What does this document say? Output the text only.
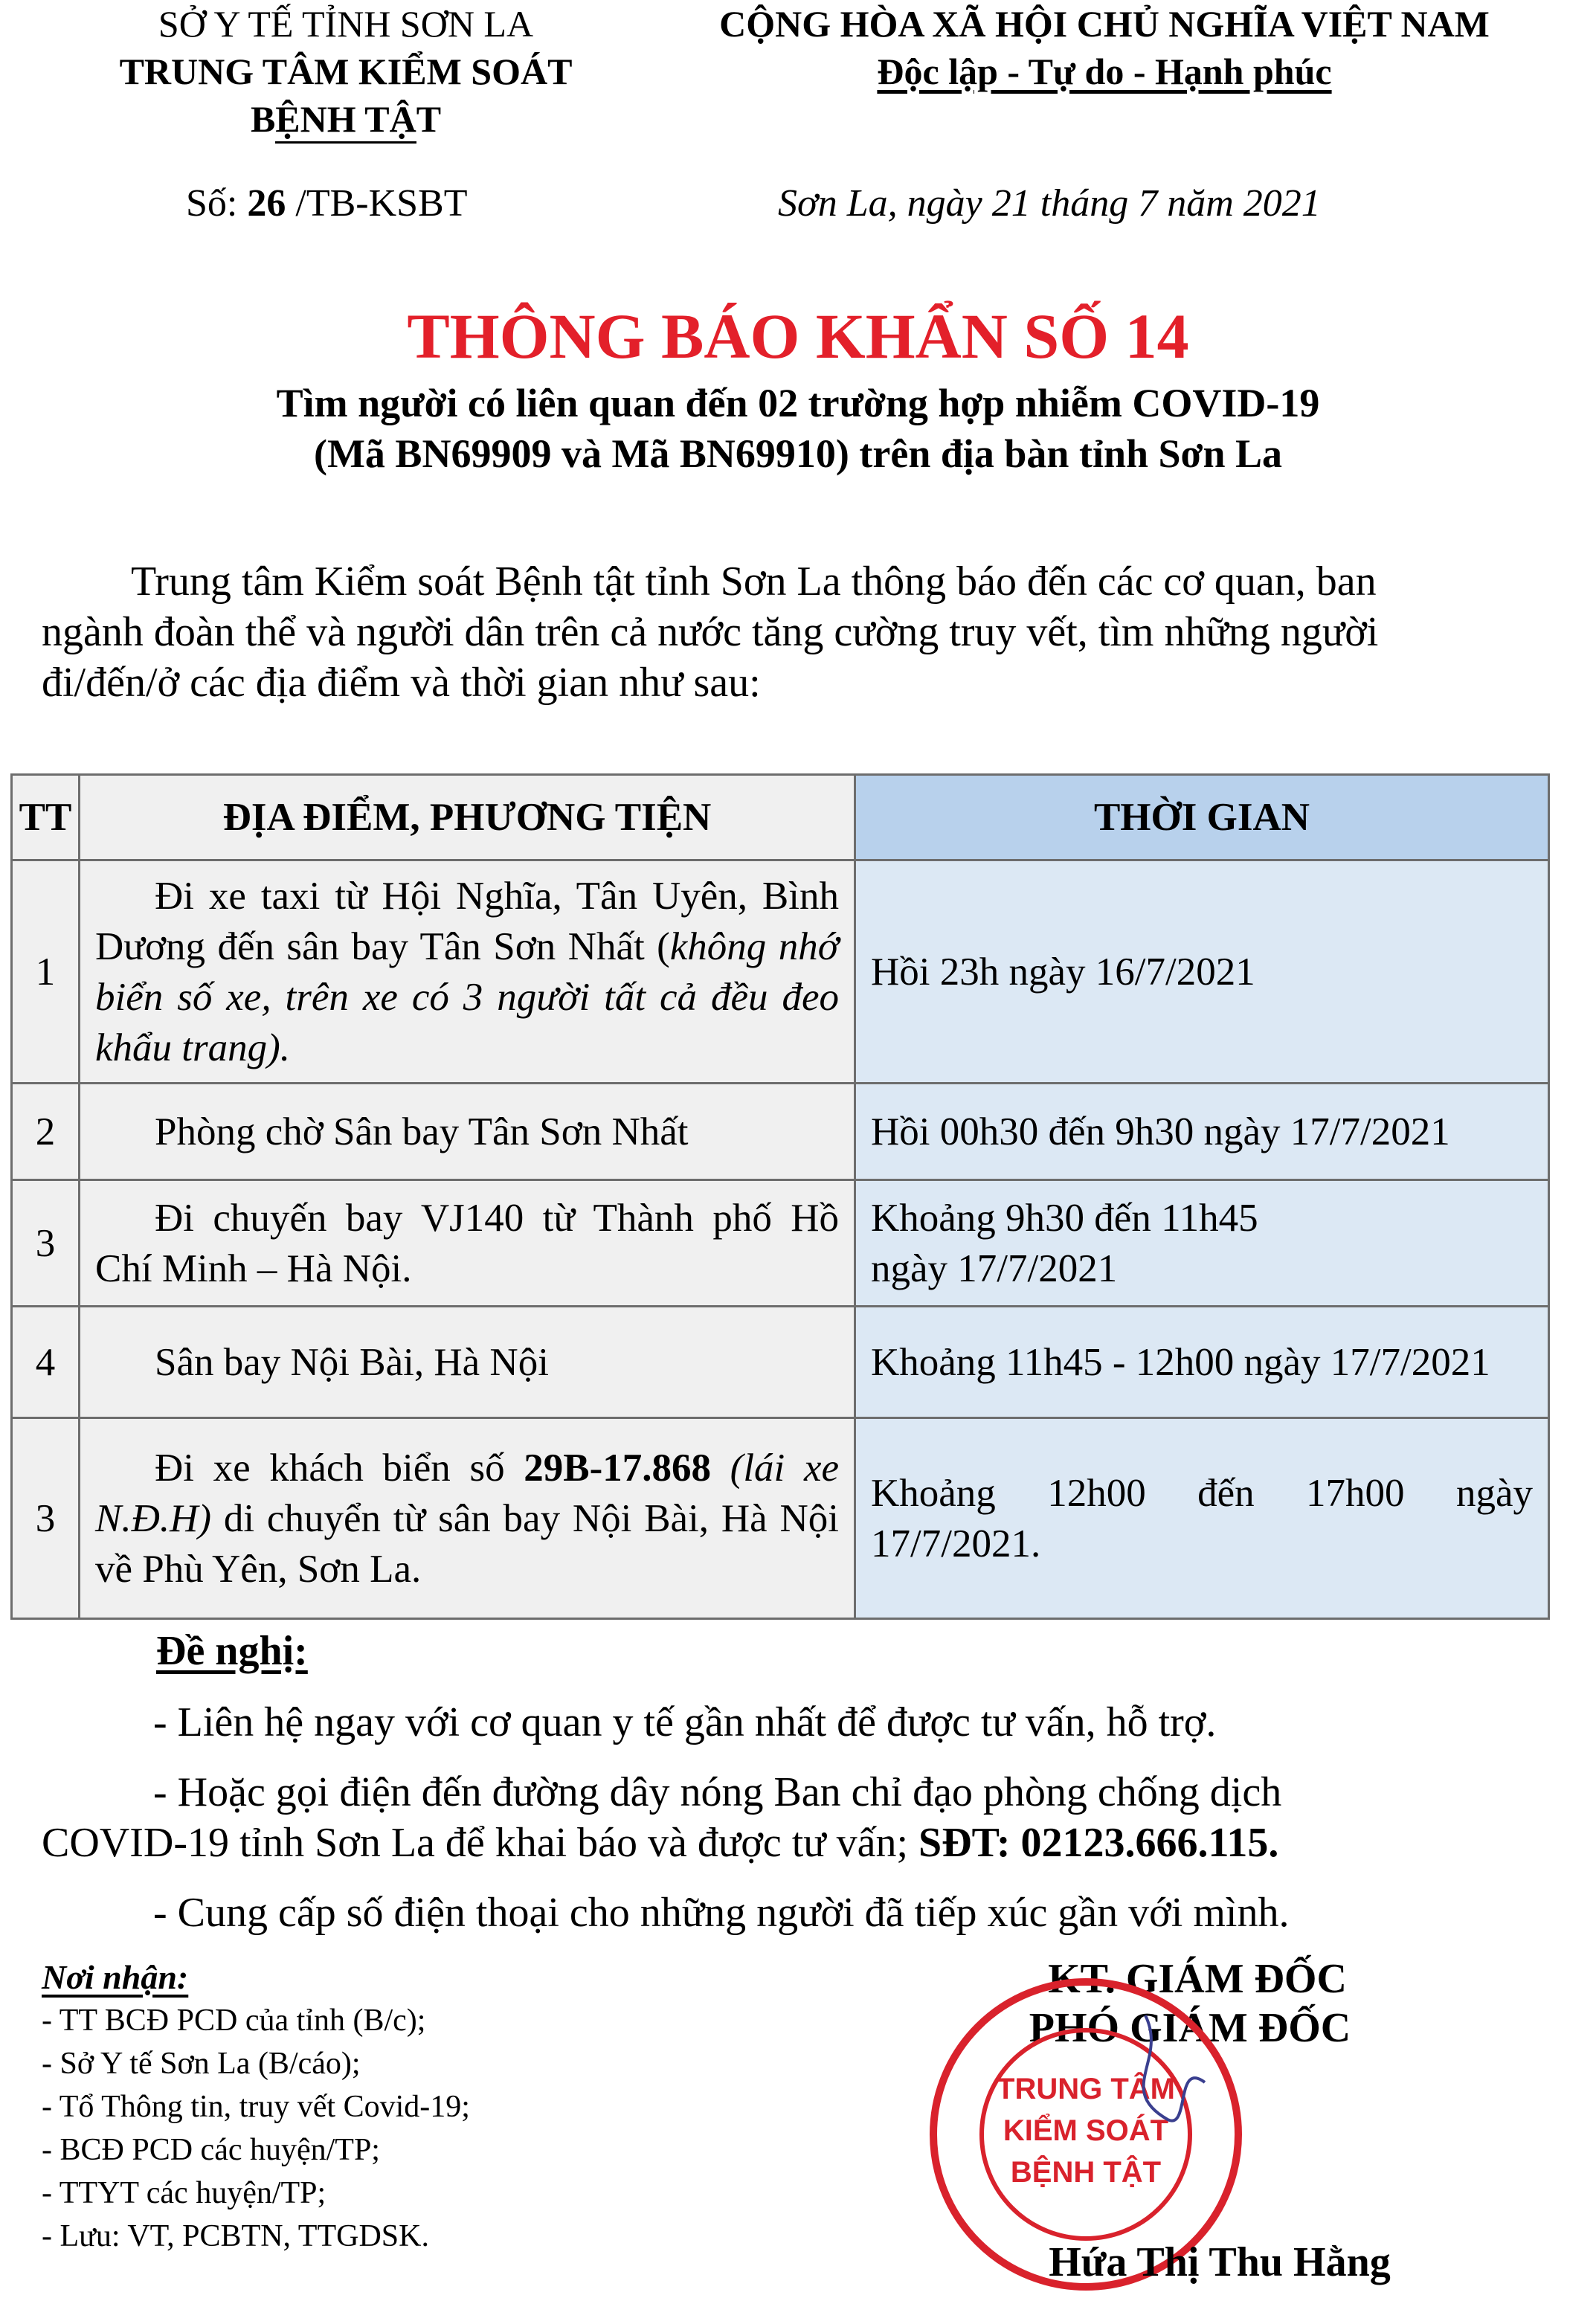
SỞ Y TẾ TỈNH SƠN LA
TRUNG TÂM KIỂM SOÁT
BỆNH TẬT
CỘNG HÒA XÃ HỘI CHỦ NGHĨA VIỆT NAM
Độc lập - Tự do - Hạnh phúc
Số: 26 /TB-KSBT	Sơn La, ngày 21 tháng 7 năm 2021
THÔNG BÁO KHẨN SỐ 14
Tìm người có liên quan đến 02 trường hợp nhiễm COVID-19
(Mã BN69909 và Mã BN69910) trên địa bàn tỉnh Sơn La
Trung tâm Kiểm soát Bệnh tật tỉnh Sơn La thông báo đến các cơ quan, ban
ngành đoàn thể và người dân trên cả nước tăng cường truy vết, tìm những người
đi/đến/ở các địa điểm và thời gian như sau:
TT	ĐỊA ĐIỂM, PHƯƠNG TIỆN	THỜI GIAN
1	Đi xe taxi từ Hội Nghĩa, Tân Uyên, Bình Dương đến sân bay Tân Sơn Nhất (không nhớ biển số xe, trên xe có 3 người tất cả đều đeo khẩu trang).	Hồi 23h ngày 16/7/2021
2	Phòng chờ Sân bay Tân Sơn Nhất	Hồi 00h30 đến 9h30 ngày 17/7/2021
3	Đi chuyến bay VJ140 từ Thành phố Hồ Chí Minh – Hà Nội.	Khoảng 9h30 đến 11h45
ngày 17/7/2021

4	Sân bay Nội Bài, Hà Nội	Khoảng 11h45 - 12h00 ngày 17/7/2021
3	Đi xe khách biển số 29B-17.868 (lái xe N.Đ.H) di chuyển từ sân bay Nội Bài, Hà Nội về Phù Yên, Sơn La.	Khoảng 12h00 đến 17h00 ngày 17/7/2021.
Đề nghị:
- Liên hệ ngay với cơ quan y tế gần nhất để được tư vấn, hỗ trợ.
- Hoặc gọi điện đến đường dây nóng Ban chỉ đạo phòng chống dịch
COVID-19 tỉnh Sơn La để khai báo và được tư vấn; SĐT: 02123.666.115.
- Cung cấp số điện thoại cho những người đã tiếp xúc gần với mình.
Nơi nhận:
- TT BCĐ PCD của tỉnh (B/c);
- Sở Y tế Sơn La (B/cáo);
- Tổ Thông tin, truy vết Covid-19;
- BCĐ PCD các huyện/TP;
- TTYT các huyện/TP;
- Lưu: VT, PCBTN, TTGDSK.
KT. GIÁM ĐỐC
PHÓ GIÁM ĐỐC
TRUNG TÂM
KIỂM SOÁT
BỆNH TẬT
Hứa Thị Thu Hằng
